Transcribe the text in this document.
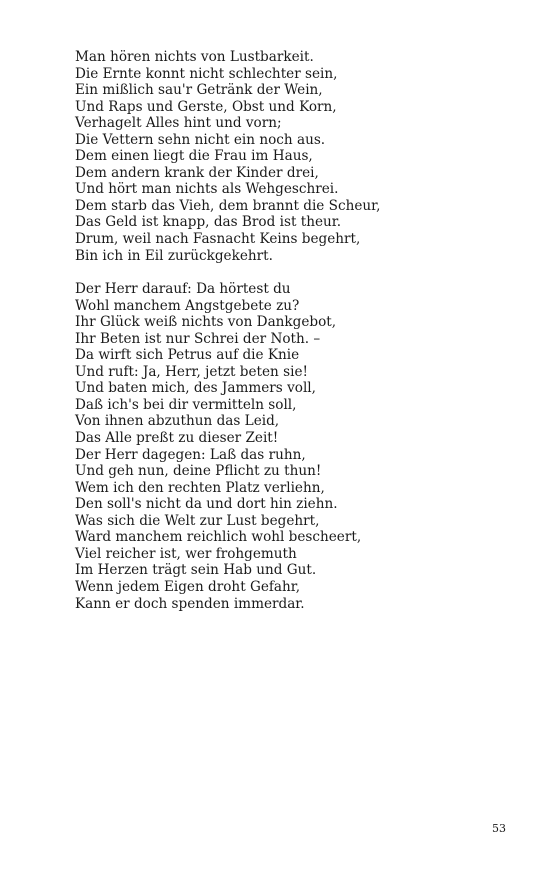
Man hören nichts von Lustbarkeit.
Die Ernte konnt nicht schlechter sein,
Ein mißlich sau'r Getränk der Wein,
Und Raps und Gerste, Obst und Korn,
Verhagelt Alles hint und vorn;
Die Vettern sehn nicht ein noch aus.
Dem einen liegt die Frau im Haus,
Dem andern krank der Kinder drei,
Und hört man nichts als Wehgeschrei.
Dem starb das Vieh, dem brannt die Scheur,
Das Geld ist knapp, das Brod ist theur.
Drum, weil nach Fasnacht Keins begehrt,
Bin ich in Eil zurückgekehrt.
Der Herr darauf: Da hörtest du
Wohl manchem Angstgebete zu?
Ihr Glück weiß nichts von Dankgebot,
Ihr Beten ist nur Schrei der Noth. –
Da wirft sich Petrus auf die Knie
Und ruft: Ja, Herr, jetzt beten sie!
Und baten mich, des Jammers voll,
Daß ich's bei dir vermitteln soll,
Von ihnen abzuthun das Leid,
Das Alle preßt zu dieser Zeit!
Der Herr dagegen: Laß das ruhn,
Und geh nun, deine Pflicht zu thun!
Wem ich den rechten Platz verliehn,
Den soll's nicht da und dort hin ziehn.
Was sich die Welt zur Lust begehrt,
Ward manchem reichlich wohl bescheert,
Viel reicher ist, wer frohgemuth
Im Herzen trägt sein Hab und Gut.
Wenn jedem Eigen droht Gefahr,
Kann er doch spenden immerdar.
53
